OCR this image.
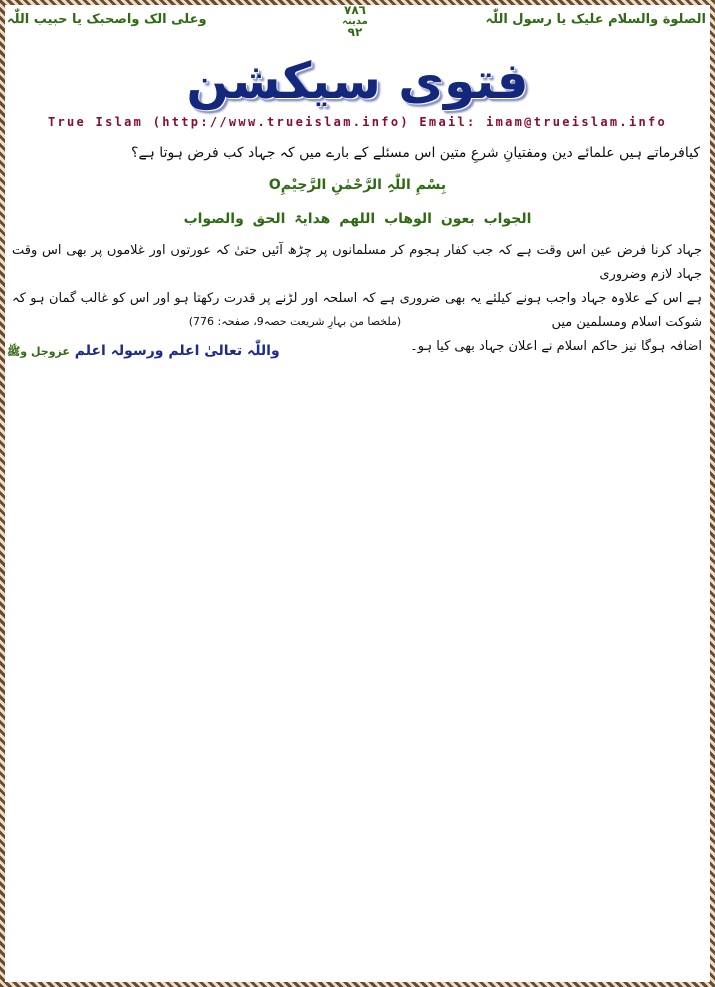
الصلوة والسلام علیک یا رسول اللّٰہ
٧٨٦
مدینہ
٩٢
وعلی الک واصحبک یا حبیب اللّٰہ
فتوی سیکشن
True Islam (http://www.trueislam.info) Email: imam@trueislam.info
کیافرماتے ہیں علمائے دین ومفتیانِ شرعِ متین اس مسئلے کے بارے میں کہ جہاد کب فرض ہوتا ہے؟
بِسْمِ اللّٰہِ الرَّحْمٰنِ الرَّحِیْمِO
الجواب بعون الوھاب اللھم ھدایۃ الحق والصواب

جہاد کرنا فرض عین اس وقت ہے کہ جب کفار ہجوم کر مسلمانوں پر چڑھ آئیں حتیٰ کہ عورتوں اور غلاموں پر بھی اس وقت جہاد لازم وضروری

ہے اس کے علاوہ جہاد واجب ہونے کیلئے یہ بھی ضروری ہے کہ اسلحہ اور لڑنے پر قدرت رکھتا ہو اور اس کو غالب گمان ہو کہ شوکت اسلام ومسلمین میں

اضافہ ہوگا نیز حاکم اسلام نے اعلان جہاد بھی کیا ہو۔

(ملخصا من بہارِ شریعت حصہ9، صفحہ: 776)
واللّٰہ تعالیٰ اعلم ورسولہ اعلم عزوجل وﷺ
